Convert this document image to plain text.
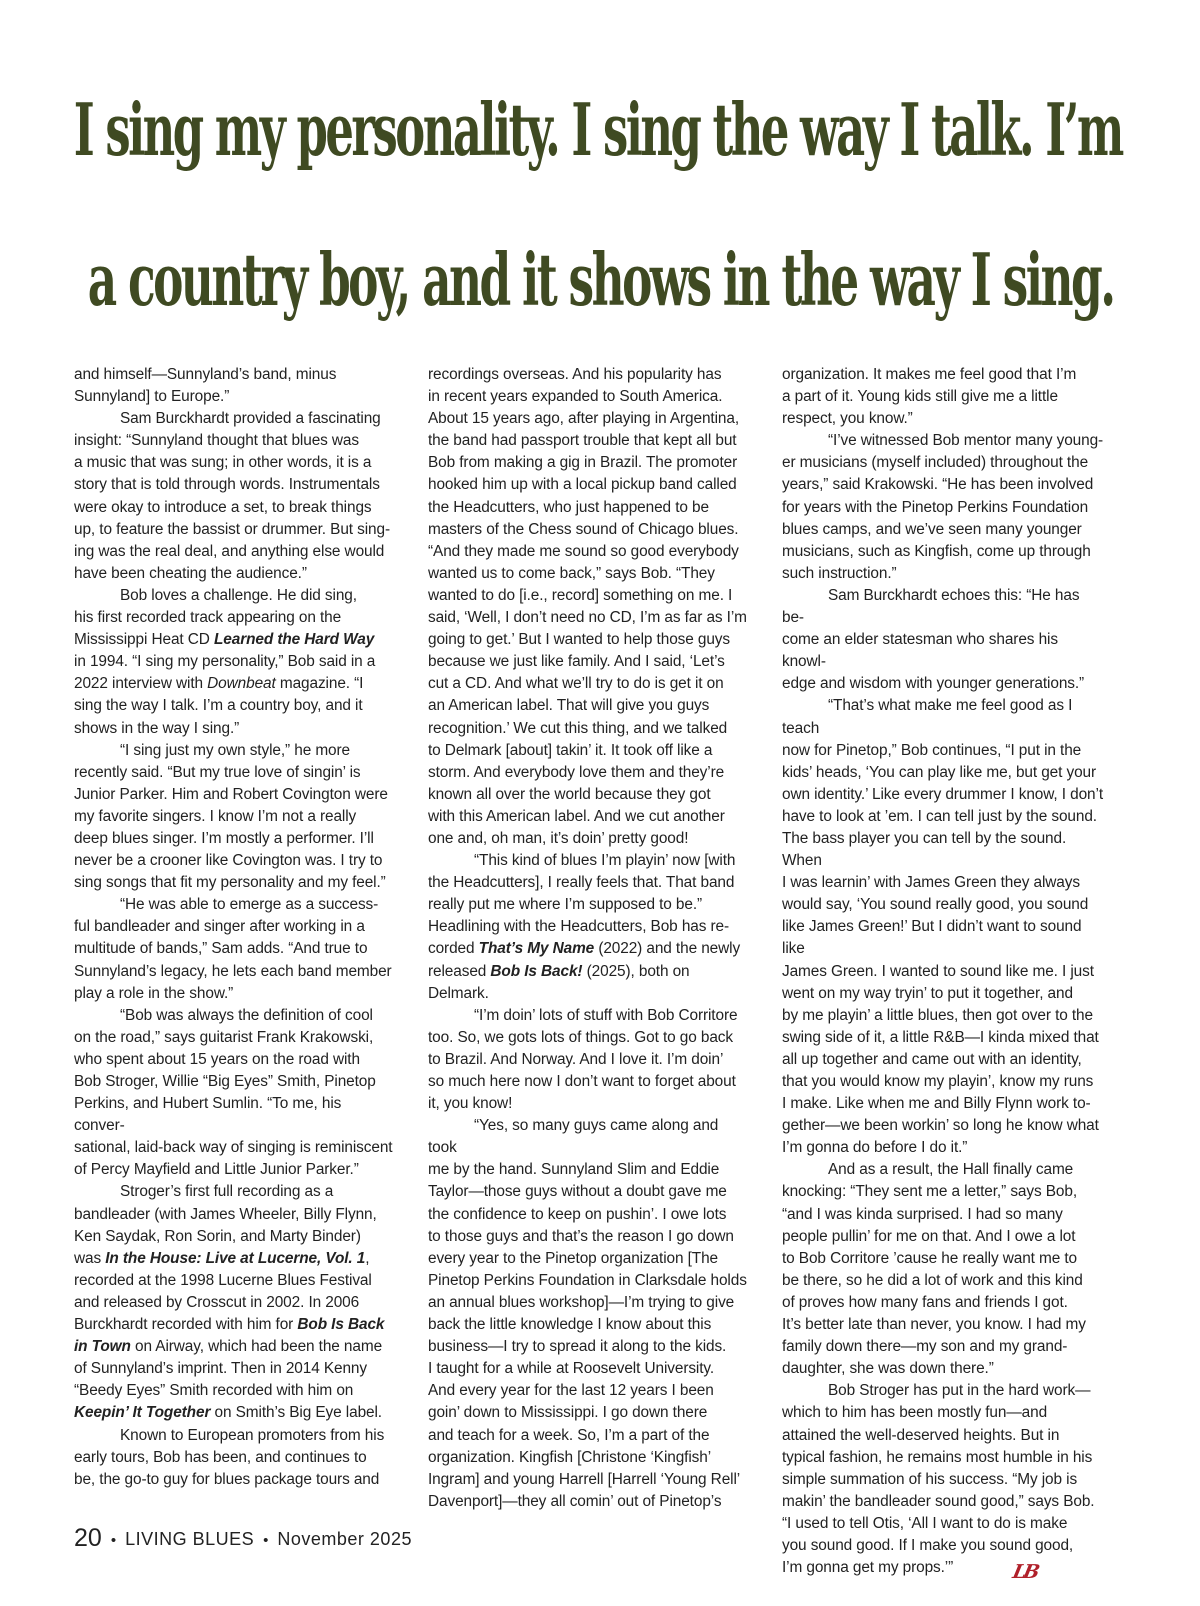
I sing my personality. I sing the way I talk. I’m

a country boy, and it shows in the way I sing.

and himself—Sunnyland’s band, minus
Sunnyland] to Europe.”

Sam Burckhardt provided a fascinating
insight: “Sunnyland thought that blues was
a music that was sung; in other words, it is a
story that is told through words. Instrumentals
were okay to introduce a set, to break things
up, to feature the bassist or drummer. But sing-
ing was the real deal, and anything else would
have been cheating the audience.”

Bob loves a challenge. He did sing,
his first recorded track appearing on the
Mississippi Heat CD Learned the Hard Way
in 1994. “I sing my personality,” Bob said in a
2022 interview with Downbeat magazine. “I
sing the way I talk. I’m a country boy, and it
shows in the way I sing.”

“I sing just my own style,” he more
recently said. “But my true love of singin’ is
Junior Parker. Him and Robert Covington were
my favorite singers. I know I’m not a really
deep blues singer. I’m mostly a performer. I’ll
never be a crooner like Covington was. I try to
sing songs that fit my personality and my feel.”

“He was able to emerge as a success-
ful bandleader and singer after working in a
multitude of bands,” Sam adds. “And true to
Sunnyland’s legacy, he lets each band member
play a role in the show.”

“Bob was always the definition of cool
on the road,” says guitarist Frank Krakowski,
who spent about 15 years on the road with
Bob Stroger, Willie “Big Eyes” Smith, Pinetop
Perkins, and Hubert Sumlin. “To me, his conver-
sational, laid-back way of singing is reminiscent
of Percy Mayfield and Little Junior Parker.”

Stroger’s first full recording as a
bandleader (with James Wheeler, Billy Flynn,
Ken Saydak, Ron Sorin, and Marty Binder)
was In the House: Live at Lucerne, Vol. 1,
recorded at the 1998 Lucerne Blues Festival
and released by Crosscut in 2002. In 2006
Burckhardt recorded with him for Bob Is Back
in Town on Airway, which had been the name
of Sunnyland’s imprint. Then in 2014 Kenny
“Beedy Eyes” Smith recorded with him on
Keepin’ It Together on Smith’s Big Eye label.

Known to European promoters from his
early tours, Bob has been, and continues to
be, the go-to guy for blues package tours and

recordings overseas. And his popularity has
in recent years expanded to South America.
About 15 years ago, after playing in Argentina,
the band had passport trouble that kept all but
Bob from making a gig in Brazil. The promoter
hooked him up with a local pickup band called
the Headcutters, who just happened to be
masters of the Chess sound of Chicago blues.
“And they made me sound so good everybody
wanted us to come back,” says Bob. “They
wanted to do [i.e., record] something on me. I
said, ‘Well, I don’t need no CD, I’m as far as I’m
going to get.’ But I wanted to help those guys
because we just like family. And I said, ‘Let’s
cut a CD. And what we’ll try to do is get it on
an American label. That will give you guys
recognition.’ We cut this thing, and we talked
to Delmark [about] takin’ it. It took off like a
storm. And everybody love them and they’re
known all over the world because they got
with this American label. And we cut another
one and, oh man, it’s doin’ pretty good!

“This kind of blues I’m playin’ now [with
the Headcutters], I really feels that. That band
really put me where I’m supposed to be.”
Headlining with the Headcutters, Bob has re-
corded That’s My Name (2022) and the newly
released Bob Is Back! (2025), both on Delmark.

“I’m doin’ lots of stuff with Bob Corritore
too. So, we gots lots of things. Got to go back
to Brazil. And Norway. And I love it. I’m doin’
so much here now I don’t want to forget about
it, you know!

“Yes, so many guys came along and took
me by the hand. Sunnyland Slim and Eddie
Taylor—those guys without a doubt gave me
the confidence to keep on pushin’. I owe lots
to those guys and that’s the reason I go down
every year to the Pinetop organization [The
Pinetop Perkins Foundation in Clarksdale holds
an annual blues workshop]—I’m trying to give
back the little knowledge I know about this
business—I try to spread it along to the kids.
I taught for a while at Roosevelt University.
And every year for the last 12 years I been
goin’ down to Mississippi. I go down there
and teach for a week. So, I’m a part of the
organization. Kingfish [Christone ‘Kingfish’
Ingram] and young Harrell [Harrell ‘Young Rell’
Davenport]—they all comin’ out of Pinetop’s

organization. It makes me feel good that I’m
a part of it. Young kids still give me a little
respect, you know.”

“I’ve witnessed Bob mentor many young-
er musicians (myself included) throughout the
years,” said Krakowski. “He has been involved
for years with the Pinetop Perkins Foundation
blues camps, and we’ve seen many younger
musicians, such as Kingfish, come up through
such instruction.”

Sam Burckhardt echoes this: “He has be-
come an elder statesman who shares his knowl-
edge and wisdom with younger generations.”

“That’s what make me feel good as I teach
now for Pinetop,” Bob continues, “I put in the
kids’ heads, ‘You can play like me, but get your
own identity.’ Like every drummer I know, I don’t
have to look at ’em. I can tell just by the sound.
The bass player you can tell by the sound. When
I was learnin’ with James Green they always
would say, ‘You sound really good, you sound
like James Green!’ But I didn’t want to sound like
James Green. I wanted to sound like me. I just
went on my way tryin’ to put it together, and
by me playin’ a little blues, then got over to the
swing side of it, a little R&B—I kinda mixed that
all up together and came out with an identity,
that you would know my playin’, know my runs
I make. Like when me and Billy Flynn work to-
gether—we been workin’ so long he know what
I’m gonna do before I do it.”

And as a result, the Hall finally came
knocking: “They sent me a letter,” says Bob,
“and I was kinda surprised. I had so many
people pullin’ for me on that. And I owe a lot
to Bob Corritore ’cause he really want me to
be there, so he did a lot of work and this kind
of proves how many fans and friends I got.
It’s better late than never, you know. I had my
family down there—my son and my grand-
daughter, she was down there.”

Bob Stroger has put in the hard work—
which to him has been mostly fun—and
attained the well-deserved heights. But in
typical fashion, he remains most humble in his
simple summation of his success. “My job is
makin’ the bandleader sound good,” says Bob.
“I used to tell Otis, ‘All I want to do is make
you sound good. If I make you sound good,
I’m gonna get my props.’”	LB

20 • LIVING BLUES • November 2025
